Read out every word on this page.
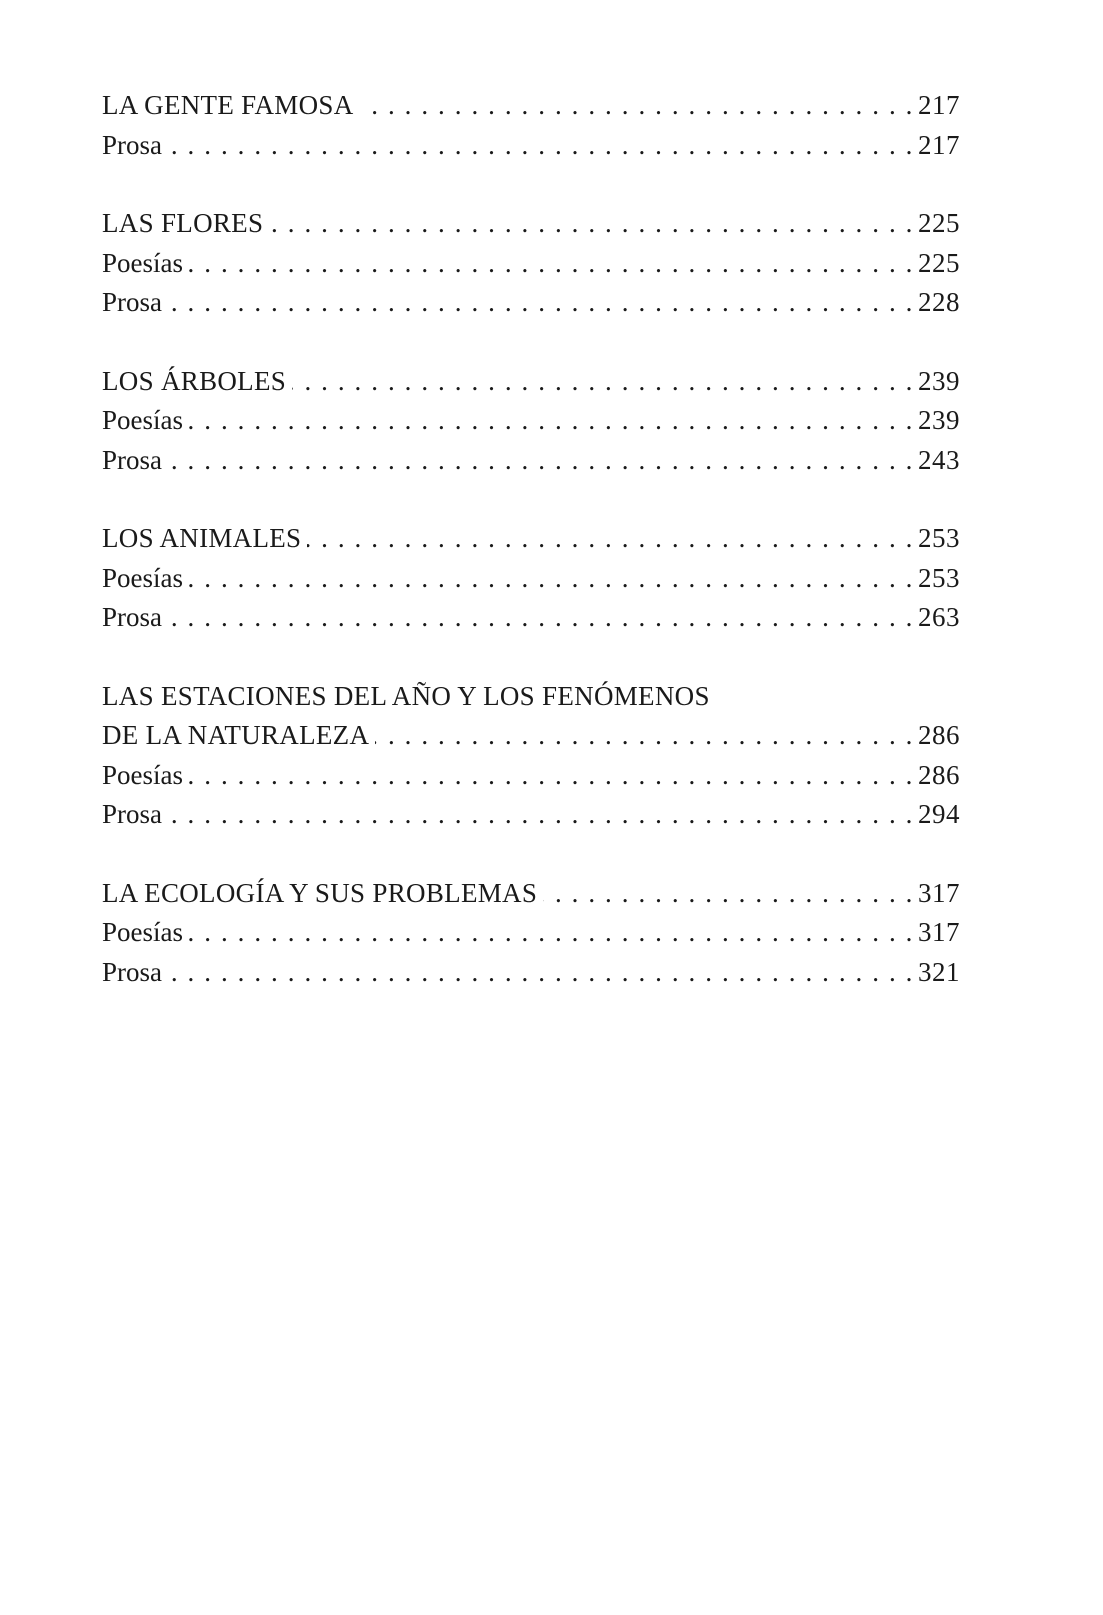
LA GENTE FAMOSA . . .	217
Prosa . . .	217
LAS FLORES . . .	225
Poesías . . .	225
Prosa . . .	228
LOS ÁRBOLES . . .	239
Poesías . . .	239
Prosa . . .	243
LOS ANIMALES . . .	253
Poesías . . .	253
Prosa . . .	263
LAS ESTACIONES DEL AÑO Y LOS FENÓMENOS
DE LA NATURALEZA . . .	286
Poesías . . .	286
Prosa . . .	294
LA ECOLOGÍA Y SUS PROBLEMAS . . .	317
Poesías . . .	317
Prosa . . .	321
